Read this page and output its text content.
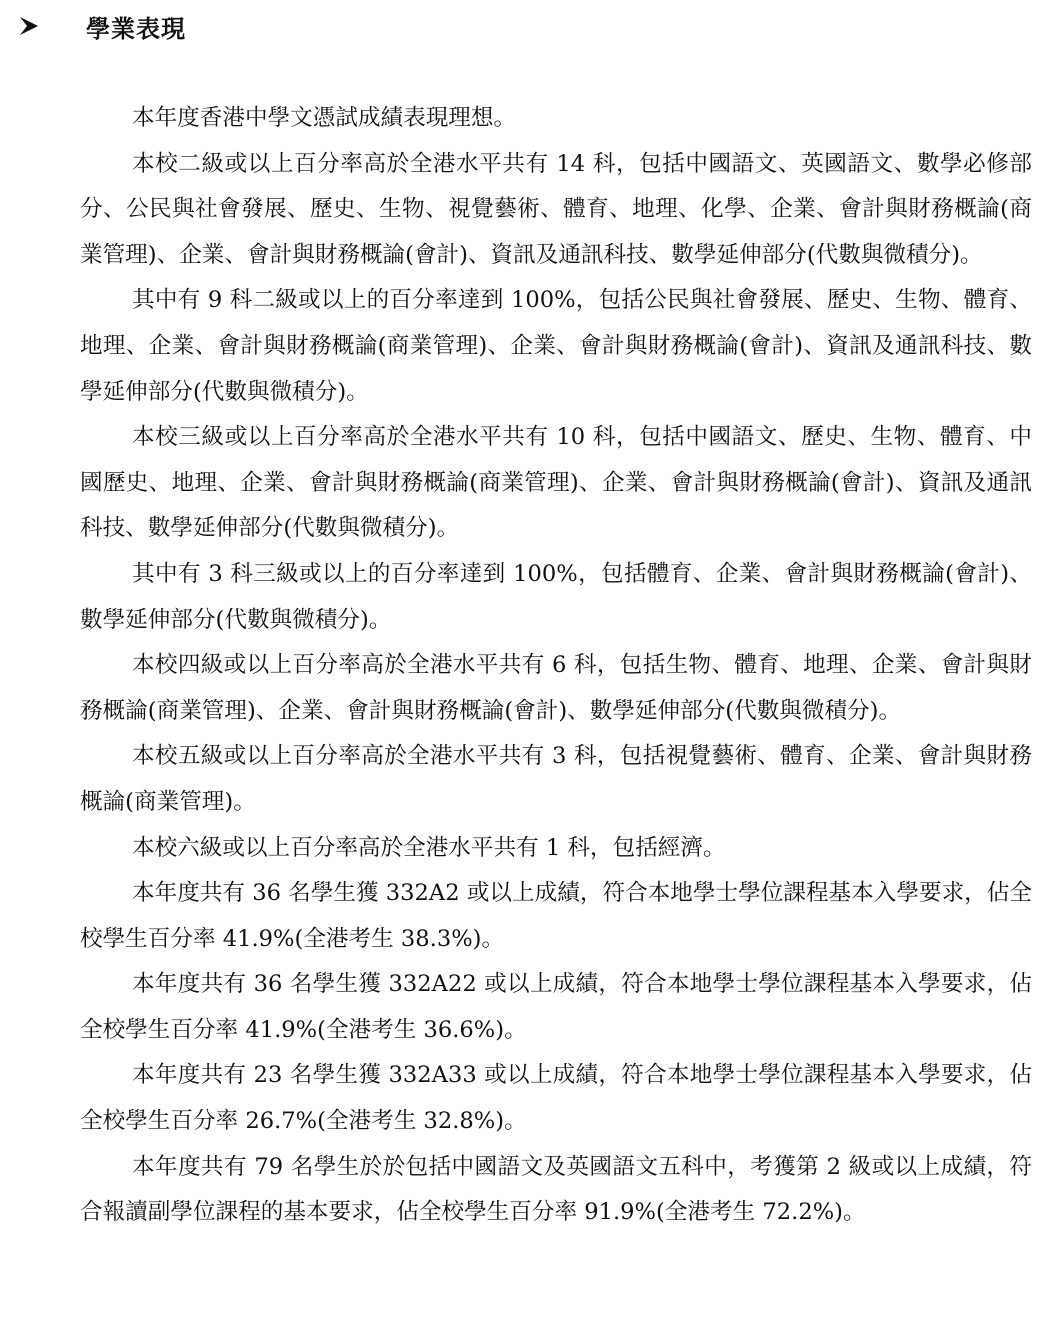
學業表現

本年度香港中學文憑試成績表現理想。

本校二級或以上百分率高於全港水平共有 14 科，包括中國語文、英國語文、數學必修部分、公民與社會發展、歷史、生物、視覺藝術、體育、地理、化學、企業、會計與財務概論(商業管理)、企業、會計與財務概論(會計)、資訊及通訊科技、數學延伸部分(代數與微積分)。

其中有 9 科二級或以上的百分率達到 100%，包括公民與社會發展、歷史、生物、體育、地理、企業、會計與財務概論(商業管理)、企業、會計與財務概論(會計)、資訊及通訊科技、數學延伸部分(代數與微積分)。

本校三級或以上百分率高於全港水平共有 10 科，包括中國語文、歷史、生物、體育、中國歷史、地理、企業、會計與財務概論(商業管理)、企業、會計與財務概論(會計)、資訊及通訊科技、數學延伸部分(代數與微積分)。

其中有 3 科三級或以上的百分率達到 100%，包括體育、企業、會計與財務概論(會計)、數學延伸部分(代數與微積分)。

本校四級或以上百分率高於全港水平共有 6 科，包括生物、體育、地理、企業、會計與財務概論(商業管理)、企業、會計與財務概論(會計)、數學延伸部分(代數與微積分)。

本校五級或以上百分率高於全港水平共有 3 科，包括視覺藝術、體育、企業、會計與財務概論(商業管理)。

本校六級或以上百分率高於全港水平共有 1 科，包括經濟。

本年度共有 36 名學生獲 332A2 或以上成績，符合本地學士學位課程基本入學要求，佔全校學生百分率 41.9%(全港考生 38.3%)。

本年度共有 36 名學生獲 332A22 或以上成績，符合本地學士學位課程基本入學要求，佔全校學生百分率 41.9%(全港考生 36.6%)。

本年度共有 23 名學生獲 332A33 或以上成績，符合本地學士學位課程基本入學要求，佔全校學生百分率 26.7%(全港考生 32.8%)。

本年度共有 79 名學生於於包括中國語文及英國語文五科中，考獲第 2 級或以上成績，符合報讀副學位課程的基本要求，佔全校學生百分率 91.9%(全港考生 72.2%)。
